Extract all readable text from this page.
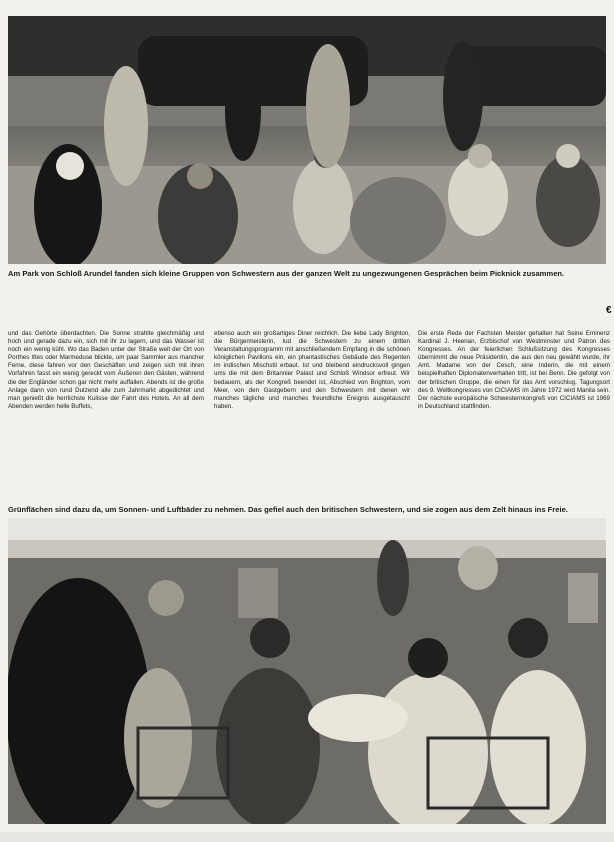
Am Park von Schloß Arundel fanden sich kleine Gruppen von Schwestern aus der ganzen Welt zu ungezwungenen Gesprächen beim Picknick zusammen.
€

und das Gehörte überdachten. Die Sonne strahlte gleichmäßig und hoch und gerade dazu ein, sich mit ihr zu lagern, und das Wasser ist noch ein wenig kühl. Wo das Baden unter der Straße weit der Ort von Porthes Ittes oder Marmeduse blickte, um paar Sammler aus mancher Ferne, diese fahren vor den Geschäften und zeigen sich mit ihren Vorfahren fasst ein wenig gereckt vom Äußeren den Gästen, während die der Engländer schon gar nicht mehr auffallen. Abends ist die große Anlage dann von rund Dutzend alle zum Jahrmarkt abgedichtet und man genießt die herrlichste Kulisse der Fahrt des Hotels. An all dem Abenden werden helle Buffets,

ebenso auch ein großartiges Diner reichlich. Die liebe Lady Brighton, die Bürgermeisterin, lud die Schwestern zu einem dritten Veranstaltungsprogramm mit anschließendem Empfang in die schönen königlichen Pavillons ein, ein phantastisches Gebäude des Regenten im indischen Mischstil erbaut. Ist und bleibend eindrucksvoll gingen ums die mit dem Britannier Palast und Schloß Windsor erfreut. Wir bedauern, als der Kongreß beendet ist, Abschied von Brighton, vom Meer, von den Gastgebern und den Schwestern mit denen wir manches tägliche und manches freundliche Ereignis ausgetauscht haben.

Die erste Rede der Fachsten Meister gehalten hat Seine Eminenz Kardinal J. Heenan, Erzbischof von Westminster und Patron des Kongresses. An der feierlichen Schlußsitzung des Kongresses übernimmt die neue Präsidentin, die aus den neu gewählt wurde, ihr Amt. Madame von der Cesch, eine Inderin, die mit einem beispielhaften Diplomatenverhalten tritt, ist bei Benn. Die gefolgt von der britischen Gruppe, die einen für das Amt vorschlug. Tagungsort des 9. Weltkongresses von CICIAMS im Jahre 1972 wird Manila sein. Der nächste europäische Schwesternkongreß von CICIAMS ist 1969 in Deutschland stattfinden.

Grünflächen sind dazu da, um Sonnen- und Luftbäder zu nehmen. Das gefiel auch den britischen Schwestern, und sie zogen aus dem Zelt hinaus ins Freie.
